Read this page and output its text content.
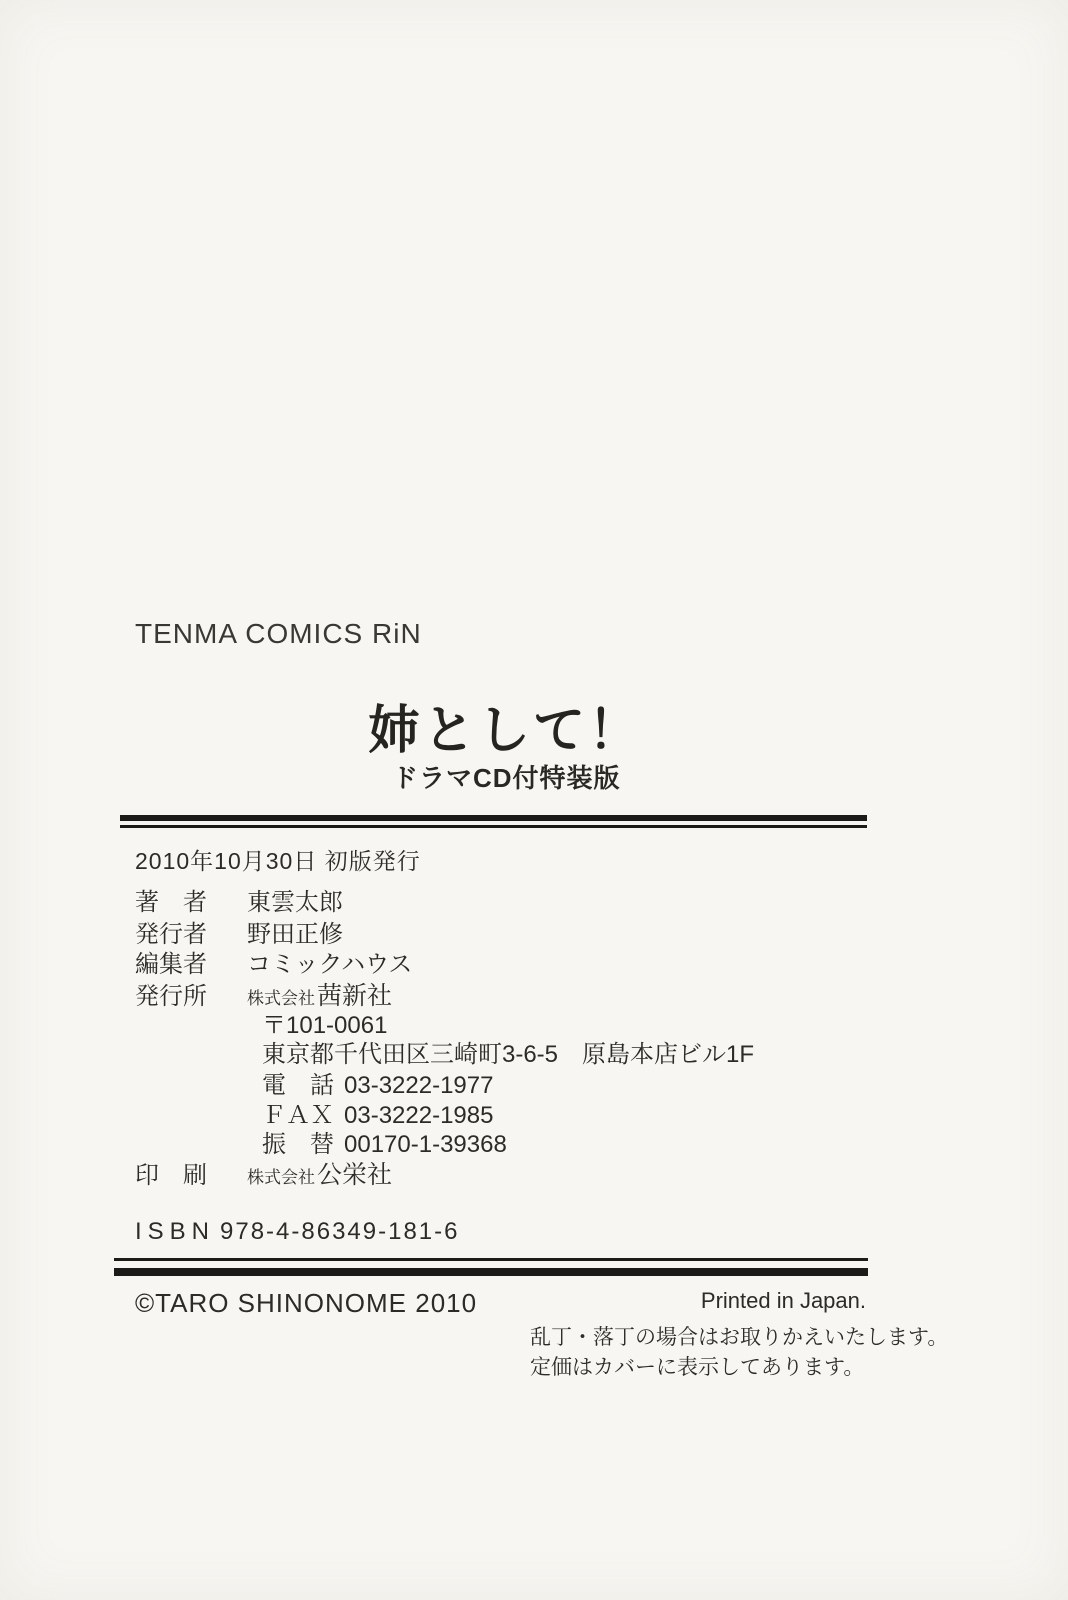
TENMA COMICS RiN
姉として！
ドラマCD付特装版
2010年10月30日 初版発行
著者 東雲太郎
発行者 野田正修
編集者 コミックハウス
発行所 株式会社茜新社
〒101-0061
東京都千代田区三崎町3-6-5　原島本店ビル1F
電話 03-3222-1977
ＦＡＸ 03-3222-1985
振替 00170-1-39368
印刷 株式会社公栄社
ISBN 978-4-86349-181-6
©TARO SHINONOME 2010	Printed in Japan.
乱丁・落丁の場合はお取りかえいたします。
定価はカバーに表示してあります。
